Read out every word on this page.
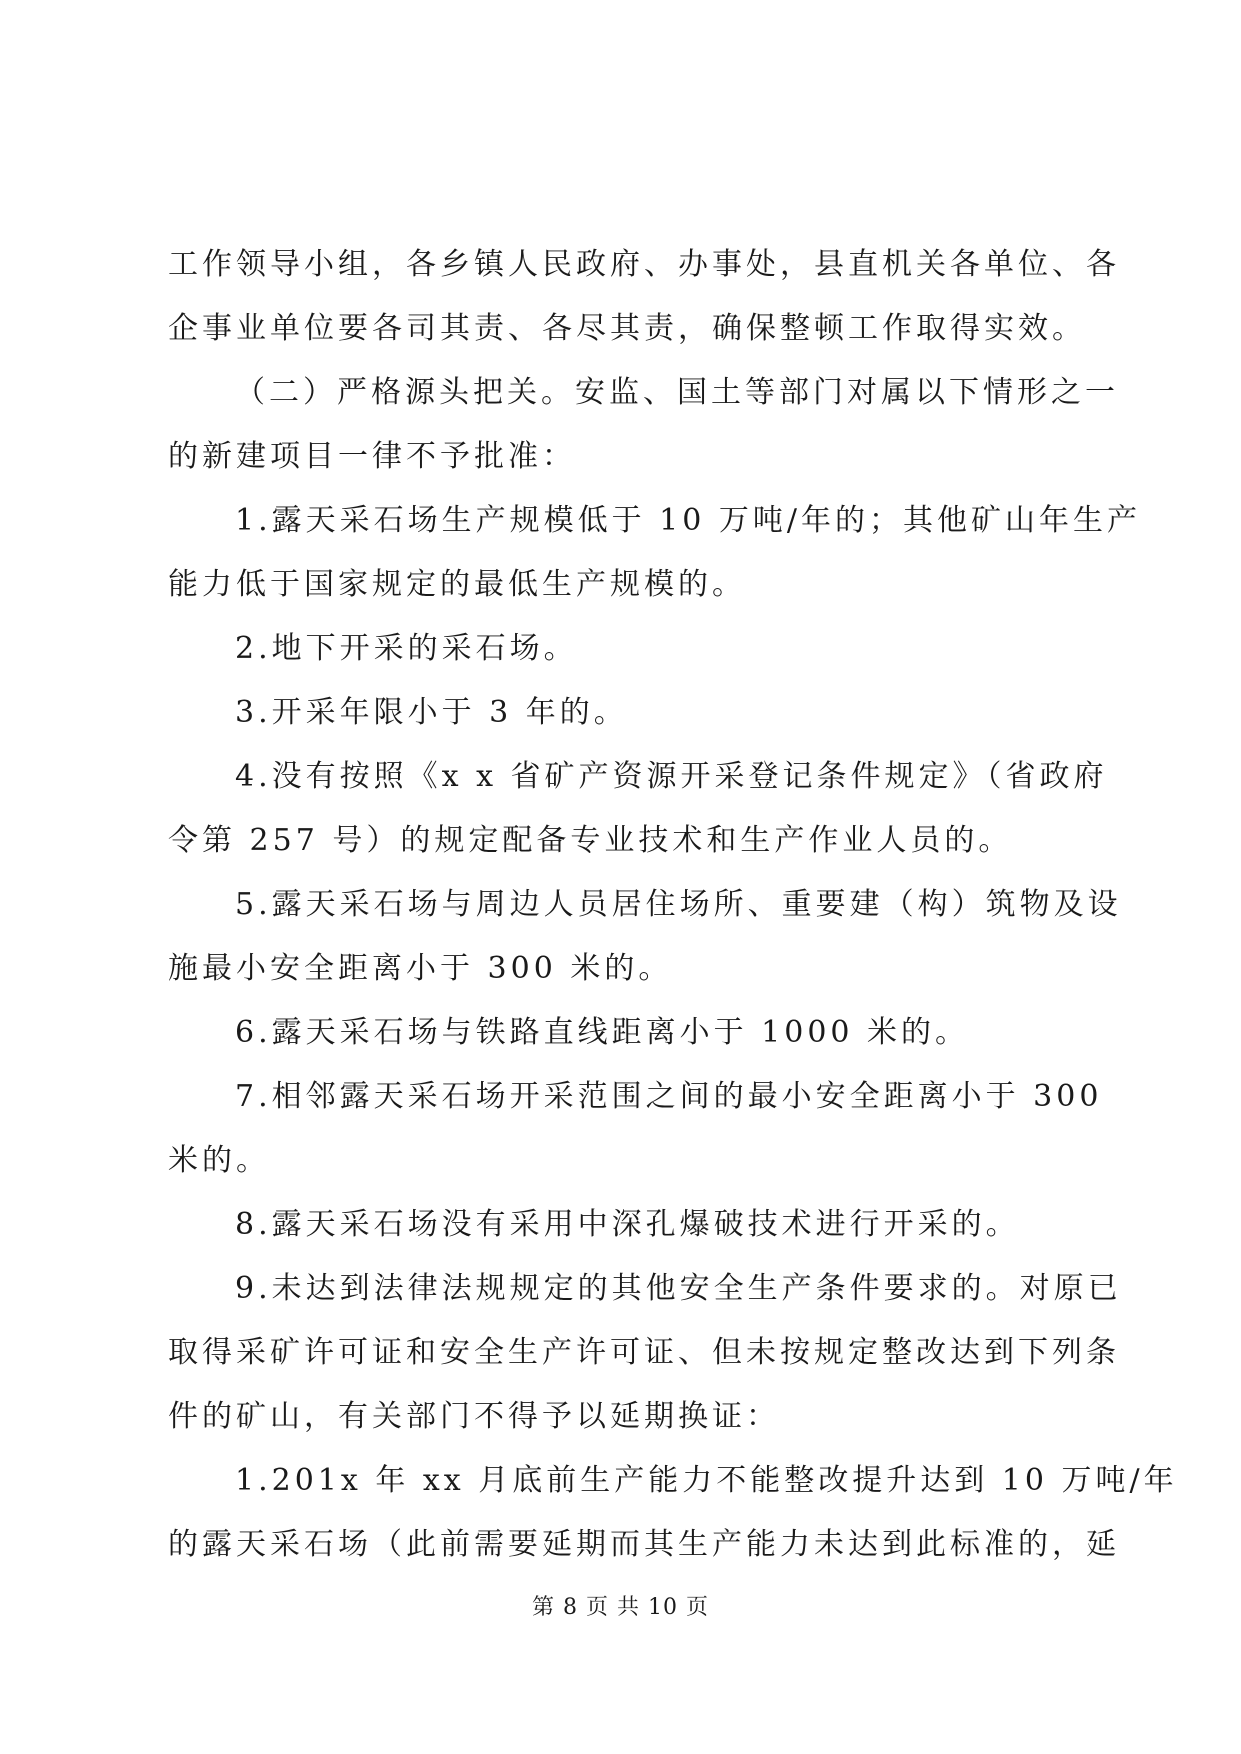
工作领导小组，各乡镇人民政府、办事处，县直机关各单位、各
企事业单位要各司其责、各尽其责，确保整顿工作取得实效。
（二）严格源头把关。安监、国土等部门对属以下情形之一
的新建项目一律不予批准：
1.露天采石场生产规模低于 10 万吨/年的；其他矿山年生产
能力低于国家规定的最低生产规模的。
2.地下开采的采石场。
3.开采年限小于 3 年的。
4.没有按照《x x 省矿产资源开采登记条件规定》（省政府
令第 257 号）的规定配备专业技术和生产作业人员的。
5.露天采石场与周边人员居住场所、重要建（构）筑物及设
施最小安全距离小于 300 米的。
6.露天采石场与铁路直线距离小于 1000 米的。
7.相邻露天采石场开采范围之间的最小安全距离小于 300
米的。
8.露天采石场没有采用中深孔爆破技术进行开采的。
9.未达到法律法规规定的其他安全生产条件要求的。对原已
取得采矿许可证和安全生产许可证、但未按规定整改达到下列条
件的矿山，有关部门不得予以延期换证：
1.201x 年 xx 月底前生产能力不能整改提升达到 10 万吨/年
的露天采石场（此前需要延期而其生产能力未达到此标准的，延
第 8 页 共 10 页
